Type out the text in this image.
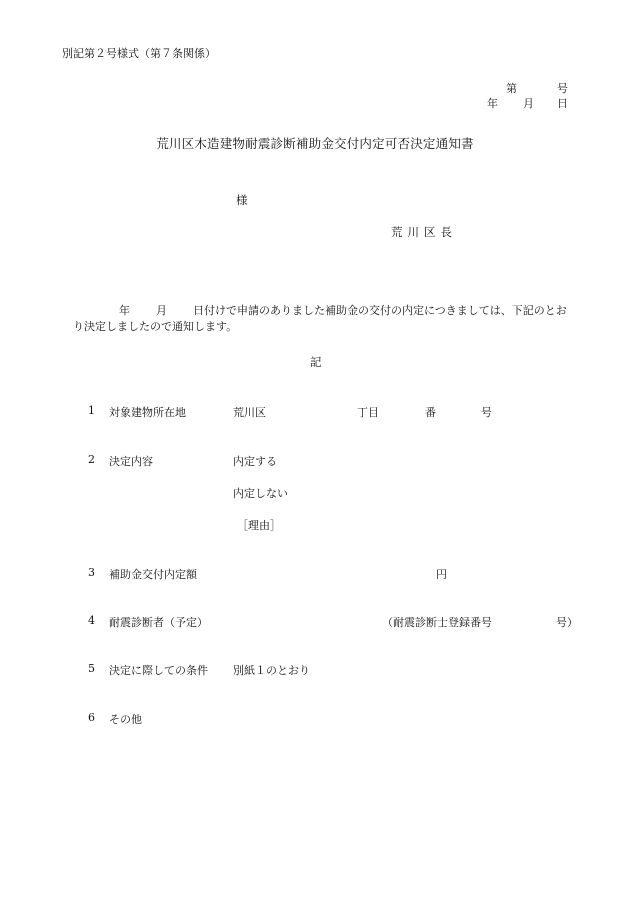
別記第２号様式（第７条関係）
第	号
年 月 日
荒川区木造建物耐震診断補助金交付内定可否決定通知書
様
荒川区長

年 月 日付けで申請のありました補助金の交付の内定につきましては、下記のとおり決定しましたので通知します。

記
1 対象建物所在地	荒川区	丁目	番	号
2 決定内容	内定する
内定しない
［理由］
3 補助金交付内定額	円
4 耐震診断者（予定）	（耐震診断士登録番号	号）
5 決定に際しての条件 別紙１のとおり
6 その他
